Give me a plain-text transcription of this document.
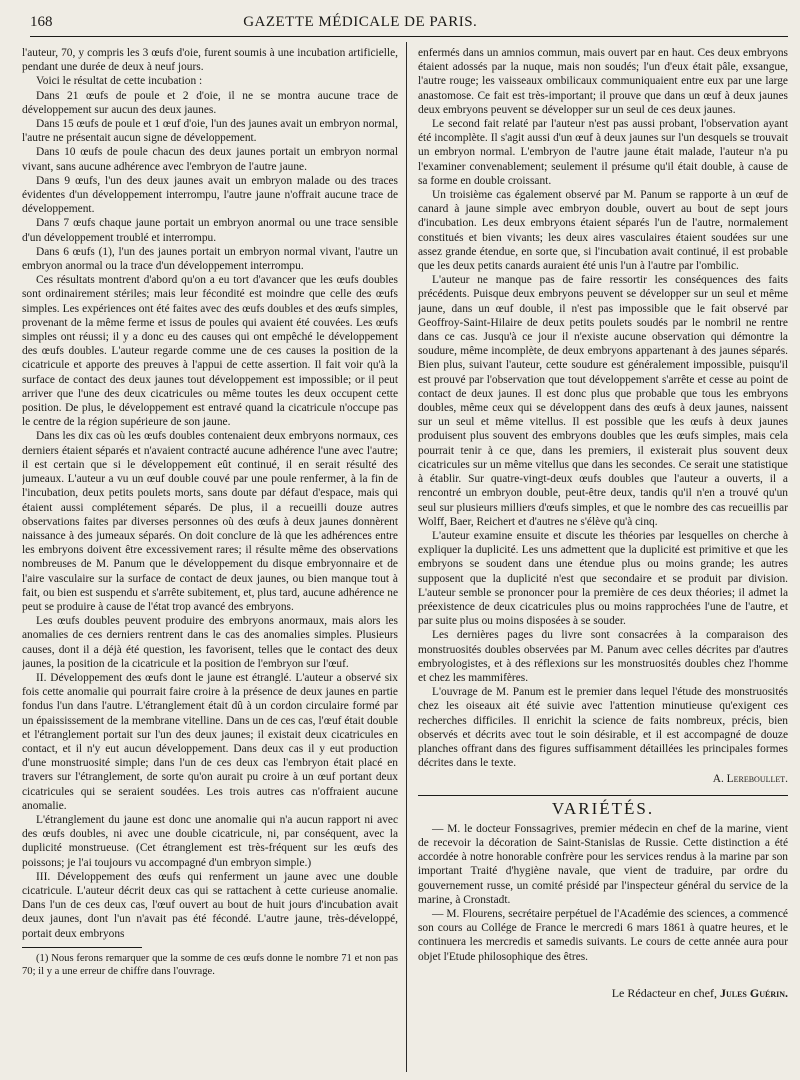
168	GAZETTE MÉDICALE DE PARIS.

l'auteur, 70, y compris les 3 œufs d'oie, furent soumis à une incubation artificielle, pendant une durée de deux à neuf jours.

Voici le résultat de cette incubation :

Dans 21 œufs de poule et 2 d'oie, il ne se montra aucune trace de développement sur aucun des deux jaunes.

Dans 15 œufs de poule et 1 œuf d'oie, l'un des jaunes avait un embryon normal, l'autre ne présentait aucun signe de développement.

Dans 10 œufs de poule chacun des deux jaunes portait un embryon normal vivant, sans aucune adhérence avec l'embryon de l'autre jaune.

Dans 9 œufs, l'un des deux jaunes avait un embryon malade ou des traces évidentes d'un développement interrompu, l'autre jaune n'offrait aucune trace de développement.

Dans 7 œufs chaque jaune portait un embryon anormal ou une trace sensible d'un développement troublé et interrompu.

Dans 6 œufs (1), l'un des jaunes portait un embryon normal vivant, l'autre un embryon anormal ou la trace d'un développement interrompu.

Ces résultats montrent d'abord qu'on a eu tort d'avancer que les œufs doubles sont ordinairement stériles; mais leur fécondité est moindre que celle des œufs simples. Les expériences ont été faites avec des œufs doubles et des œufs simples, provenant de la même ferme et issus de poules qui avaient été couvées. Les œufs simples ont réussi; il y a donc eu des causes qui ont empêché le développement des œufs doubles. L'auteur regarde comme une de ces causes la position de la cicatricule et apporte des preuves à l'appui de cette assertion. Il fait voir qu'à la surface de contact des deux jaunes tout développement est impossible; or il peut arriver que l'une des deux cicatricules ou même toutes les deux occupent cette position. De plus, le développement est entravé quand la cicatricule n'occupe pas le centre de la région supérieure de son jaune.

Dans les dix cas où les œufs doubles contenaient deux embryons normaux, ces derniers étaient séparés et n'avaient contracté aucune adhérence l'une avec l'autre; il est certain que si le développement eût continué, il en serait résulté des jumeaux. L'auteur a vu un œuf double couvé par une poule renfermer, à la fin de l'incubation, deux petits poulets morts, sans doute par défaut d'espace, mais qui étaient aussi complétement séparés. De plus, il a recueilli douze autres observations faites par diverses personnes où des œufs à deux jaunes donnèrent naissance à des jumeaux séparés. On doit conclure de là que les adhérences entre les embryons doivent être excessivement rares; il résulte même des observations nombreuses de M. Panum que le développement du disque embryonnaire et de l'aire vasculaire sur la surface de contact de deux jaunes, ou bien manque tout à fait, ou bien est suspendu et s'arrête subitement, et, plus tard, aucune adhérence ne peut se produire à cause de l'état trop avancé des embryons.

Les œufs doubles peuvent produire des embryons anormaux, mais alors les anomalies de ces derniers rentrent dans le cas des anomalies simples. Plusieurs causes, dont il a déjà été question, les favorisent, telles que le contact des deux jaunes, la position de la cicatricule et la position de l'embryon sur l'œuf.

II. Développement des œufs dont le jaune est étranglé. L'auteur a observé six fois cette anomalie qui pourrait faire croire à la présence de deux jaunes en partie fondus l'un dans l'autre. L'étranglement était dû à un cordon circulaire formé par un épaississement de la membrane vitelline. Dans un de ces cas, l'œuf était double et l'étranglement portait sur l'un des deux jaunes; il existait deux cicatricules en contact, et il n'y eut aucun développement. Dans deux cas il y eut production d'une monstruosité simple; dans l'un de ces deux cas l'embryon était placé en travers sur l'étranglement, de sorte qu'on aurait pu croire à un œuf portant deux cicatricules qui se seraient soudées. Les trois autres cas n'offraient aucune anomalie.

L'étranglement du jaune est donc une anomalie qui n'a aucun rapport ni avec des œufs doubles, ni avec une double cicatricule, ni, par conséquent, avec la duplicité monstrueuse. (Cet étranglement est très-fréquent sur les œufs des poissons; je l'ai toujours vu accompagné d'un embryon simple.)

III. Développement des œufs qui renferment un jaune avec une double cicatricule. L'auteur décrit deux cas qui se rattachent à cette curieuse anomalie. Dans l'un de ces deux cas, l'œuf ouvert au bout de huit jours d'incubation avait deux jaunes, dont l'un n'avait pas été fécondé. L'autre jaune, très-développé, portait deux embryons

(1) Nous ferons remarquer que la somme de ces œufs donne le nombre 71 et non pas 70; il y a une erreur de chiffre dans l'ouvrage.

enfermés dans un amnios commun, mais ouvert par en haut. Ces deux embryons étaient adossés par la nuque, mais non soudés; l'un d'eux était pâle, exsangue, l'autre rouge; les vaisseaux ombilicaux communiquaient entre eux par une large anastomose. Ce fait est très-important; il prouve que dans un œuf à deux jaunes deux embryons peuvent se développer sur un seul de ces deux jaunes.

Le second fait relaté par l'auteur n'est pas aussi probant, l'observation ayant été incomplète. Il s'agit aussi d'un œuf à deux jaunes sur l'un desquels se trouvait un embryon normal. L'embryon de l'autre jaune était malade, l'auteur n'a pu l'examiner convenablement; seulement il présume qu'il était double, à cause de sa forme en double croissant.

Un troisième cas également observé par M. Panum se rapporte à un œuf de canard à jaune simple avec embryon double, ouvert au bout de sept jours d'incubation. Les deux embryons étaient séparés l'un de l'autre, normalement constitués et bien vivants; les deux aires vasculaires étaient soudées sur une assez grande étendue, en sorte que, si l'incubation avait continué, il est probable que les deux petits canards auraient été unis l'un à l'autre par l'ombilic.

L'auteur ne manque pas de faire ressortir les conséquences des faits précédents. Puisque deux embryons peuvent se développer sur un seul et même jaune, dans un œuf double, il n'est pas impossible que le fait observé par Geoffroy-Saint-Hilaire de deux petits poulets soudés par le nombril ne rentre dans ce cas. Jusqu'à ce jour il n'existe aucune observation qui démontre la soudure, même incomplète, de deux embryons appartenant à des jaunes séparés. Bien plus, suivant l'auteur, cette soudure est généralement impossible, puisqu'il est prouvé par l'observation que tout développement s'arrête et cesse au point de contact de deux jaunes. Il est donc plus que probable que tous les embryons doubles, même ceux qui se développent dans des œufs à deux jaunes, naissent sur un seul et même vitellus. Il est possible que les œufs à deux jaunes produisent plus souvent des embryons doubles que les œufs simples, mais cela pourrait tenir à ce que, dans les premiers, il existerait plus souvent deux cicatricules sur un même vitellus que dans les secondes. Ce serait une statistique à établir. Sur quatre-vingt-deux œufs doubles que l'auteur a ouverts, il a rencontré un embryon double, peut-être deux, tandis qu'il n'en a trouvé qu'un seul sur plusieurs milliers d'œufs simples, et que le nombre des cas recueillis par Wolff, Baer, Reichert et d'autres ne s'élève qu'à cinq.

L'auteur examine ensuite et discute les théories par lesquelles on cherche à expliquer la duplicité. Les uns admettent que la duplicité est primitive et que les embryons se soudent dans une étendue plus ou moins grande; les autres supposent que la duplicité n'est que secondaire et se produit par division. L'auteur semble se prononcer pour la première de ces deux théories; il admet la préexistence de deux cicatricules plus ou moins rapprochées l'une de l'autre, et par suite plus ou moins disposées à se souder.

Les dernières pages du livre sont consacrées à la comparaison des monstruosités doubles observées par M. Panum avec celles décrites par d'autres embryologistes, et à des réflexions sur les monstruosités doubles chez l'homme et chez les mammifères.

L'ouvrage de M. Panum est le premier dans lequel l'étude des monstruosités chez les oiseaux ait été suivie avec l'attention minutieuse qu'exigent ces recherches difficiles. Il enrichit la science de faits nombreux, précis, bien observés et décrits avec tout le soin désirable, et il est accompagné de douze planches offrant dans des figures suffisamment détaillées les principales formes décrites dans le texte.

A. Lereboullet.
VARIÉTÉS.

— M. le docteur Fonssagrives, premier médecin en chef de la marine, vient de recevoir la décoration de Saint-Stanislas de Russie. Cette distinction a été accordée à notre honorable confrère pour les services rendus à la marine par son important Traité d'hygiène navale, que vient de traduire, par ordre du gouvernement russe, un comité présidé par l'inspecteur général du service de la marine, à Cronstadt.

— M. Flourens, secrétaire perpétuel de l'Académie des sciences, a commencé son cours au Collége de France le mercredi 6 mars 1861 à quatre heures, et le continuera les mercredis et samedis suivants. Le cours de cette année aura pour objet l'Etude philosophique des êtres.

Le Rédacteur en chef, Jules Guérin.
